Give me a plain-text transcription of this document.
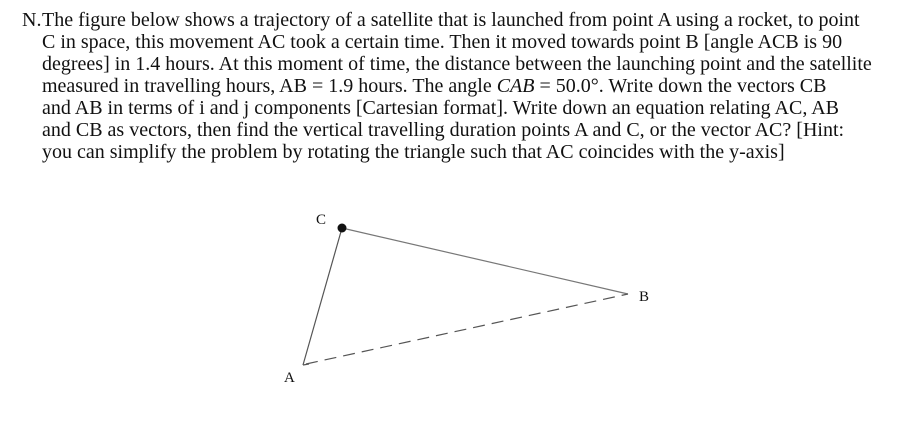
N. The figure below shows a trajectory of a satellite that is launched from point A using a rocket, to point
C in space, this movement AC took a certain time. Then it moved towards point B [angle ACB is 90
degrees] in 1.4 hours. At this moment of time, the distance between the launching point and the satellite
measured in travelling hours, AB = 1.9 hours. The angle CAB = 50.0°. Write down the vectors CB
and AB in terms of i and j components [Cartesian format]. Write down an equation relating AC, AB
and CB as vectors, then find the vertical travelling duration points A and C, or the vector AC? [Hint:
you can simplify the problem by rotating the triangle such that AC coincides with the y-axis]
C
B
A
